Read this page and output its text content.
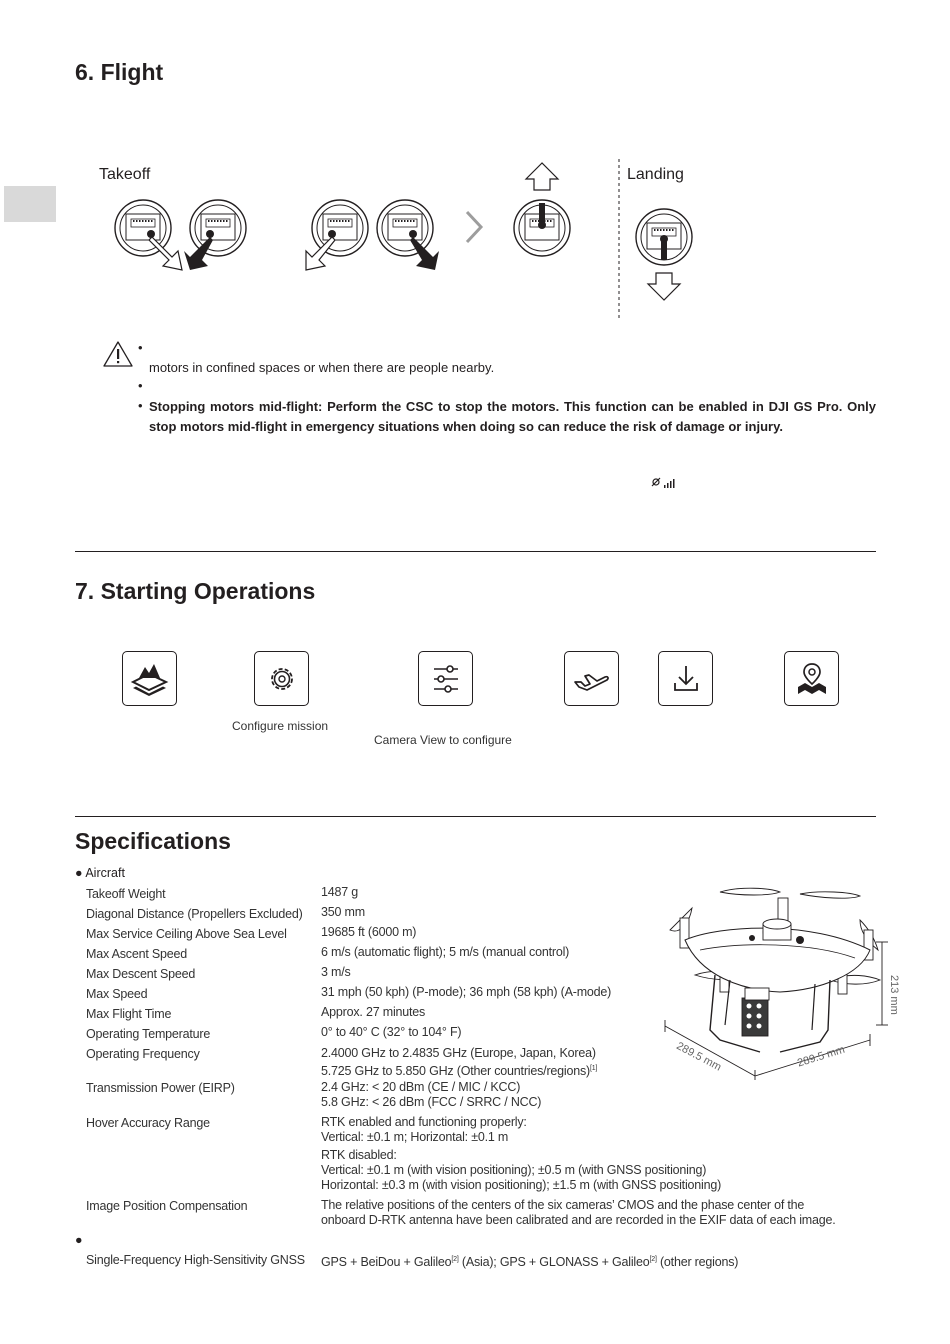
6. Flight
Takeoff	Landing
•
motors in confined spaces or when there are people nearby.
•
• Stopping motors mid-flight: Perform the CSC to stop the motors. This function can be enabled in DJI GS Pro. Only stop motors mid-flight in emergency situations when doing so can reduce the risk of damage or injury.
7. Starting Operations
Configure mission
Camera View to configure
Specifications
● Aircraft
Takeoff Weight	1487 g
Diagonal Distance (Propellers Excluded) 350 mm
Max Service Ceiling Above Sea Level	19685 ft (6000 m)
Max Ascent Speed	6 m/s (automatic flight); 5 m/s (manual control)
Max Descent Speed	3 m/s
Max Speed	31 mph (50 kph) (P-mode); 36 mph (58 kph) (A-mode)
Max Flight Time	Approx. 27 minutes
Operating Temperature	0° to 40° C (32° to 104° F)
Operating Frequency	2.4000 GHz to 2.4835 GHz (Europe, Japan, Korea)
5.725 GHz to 5.850 GHz (Other countries/regions)[1]
Transmission Power (EIRP)	2.4 GHz: < 20 dBm (CE / MIC / KCC)
5.8 GHz: < 26 dBm (FCC / SRRC / NCC)
Hover Accuracy Range	RTK enabled and functioning properly:
Vertical: ±0.1 m; Horizontal: ±0.1 m
RTK disabled:
Vertical: ±0.1 m (with vision positioning); ±0.5 m (with GNSS positioning)
Horizontal: ±0.3 m (with vision positioning); ±1.5 m (with GNSS positioning)
Image Position Compensation	The relative positions of the centers of the six cameras’ CMOS and the phase center of the
onboard D-RTK antenna have been calibrated and are recorded in the EXIF data of each image.
●
Single-Frequency High-Sensitivity GNSS GPS + BeiDou + Galileo[2] (Asia); GPS + GLONASS + Galileo[2] (other regions)
289.5 mm	289.5 mm
213 mm
